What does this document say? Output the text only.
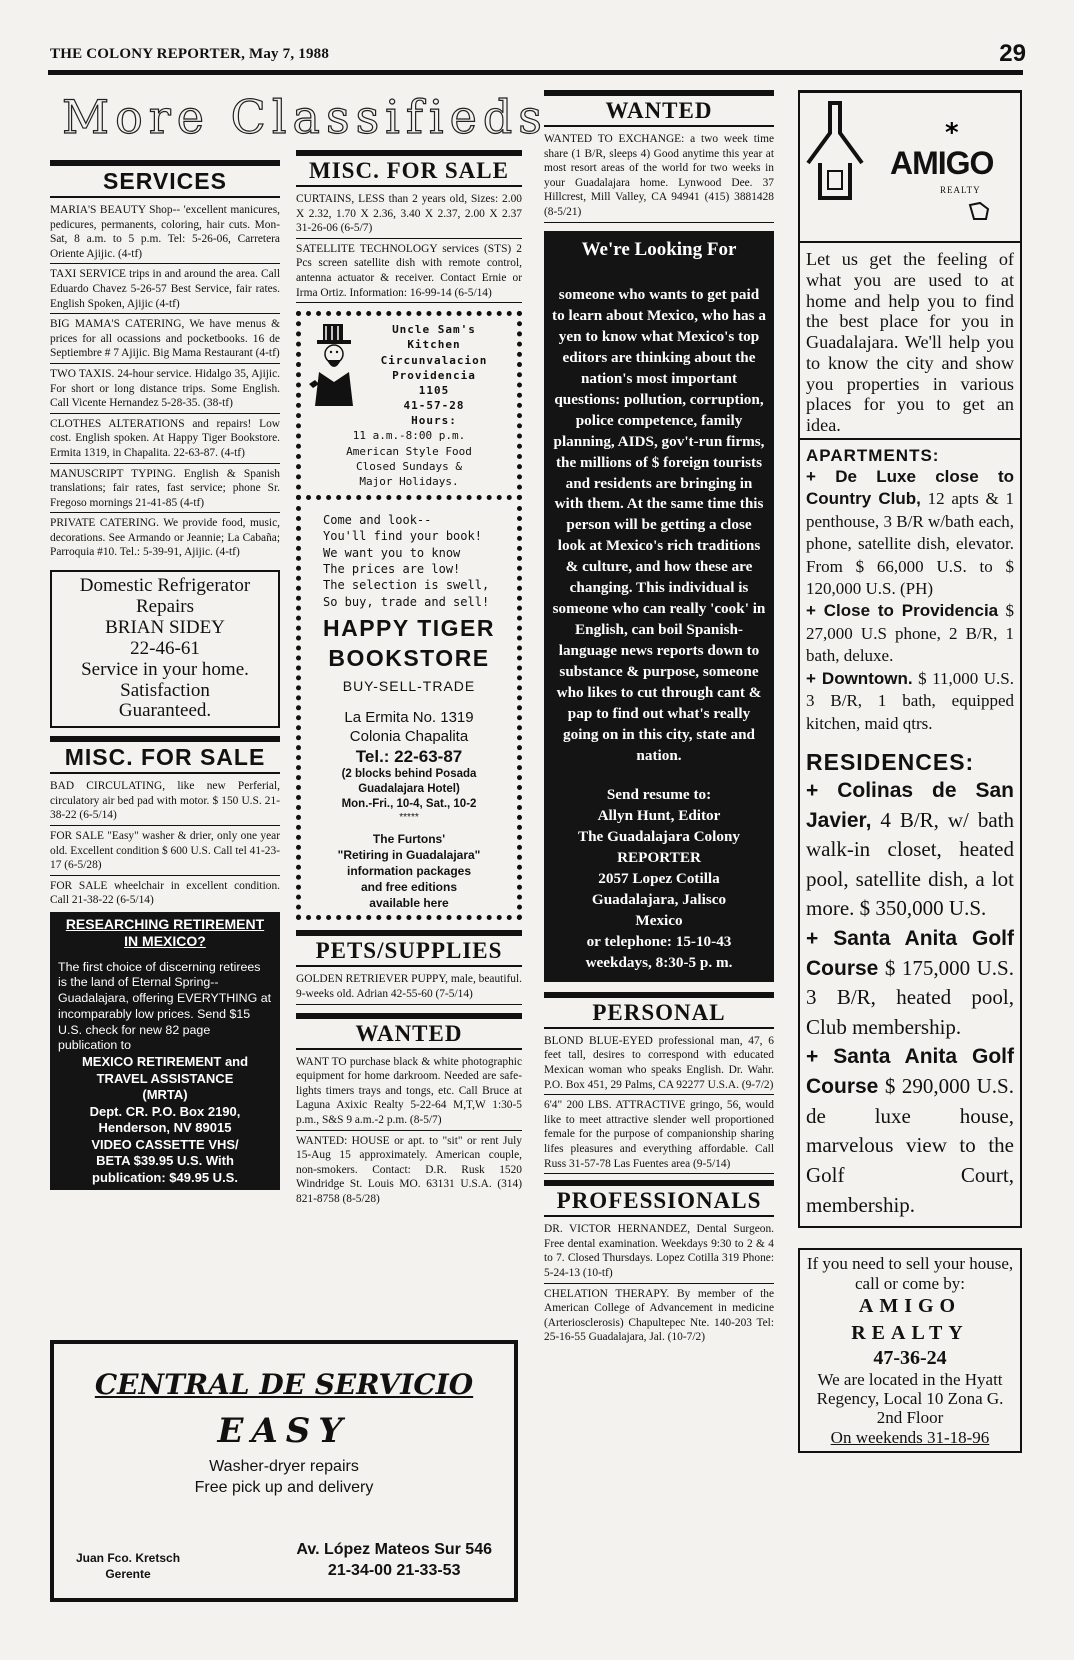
THE COLONY REPORTER, May 7, 1988	29
More Classifieds
SERVICES
MARIA'S BEAUTY Shop-- 'excellent manicures, pedicures, permanents, coloring, hair cuts. Mon-Sat, 8 a.m. to 5 p.m. Tel: 5-26-06, Carretera Oriente Ajijic. (4-tf)
TAXI SERVICE trips in and around the area. Call Eduardo Chavez 5-26-57 Best Service, fair rates. English Spoken, Ajijic (4-tf)
BIG MAMA'S CATERING, We have menus & prices for all ocassions and pocketbooks. 16 de Septiembre # 7 Ajijic. Big Mama Restaurant (4-tf)
TWO TAXIS. 24-hour service. Hidalgo 35, Ajijic. For short or long distance trips. Some English. Call Vicente Hernandez 5-28-35. (38-tf)
CLOTHES ALTERATIONS and repairs! Low cost. English spoken. At Happy Tiger Bookstore. Ermita 1319, in Chapalita. 22-63-87. (4-tf)
MANUSCRIPT TYPING. English & Spanish translations; fair rates, fast service; phone Sr. Fregoso mornings 21-41-85 (4-tf)
PRIVATE CATERING. We provide food, music, decorations. See Armando or Jeannie; La Cabaña; Parroquia #10. Tel.: 5-39-91, Ajijic. (4-tf)
Domestic Refrigerator
Repairs
BRIAN SIDEY
22-46-61
Service in your home.
Satisfaction
Guaranteed.
MISC. FOR SALE
BAD CIRCULATING, like new Perferial, circulatory air bed pad with motor. $ 150 U.S. 21-38-22 (6-5/14)
FOR SALE "Easy" washer & drier, only one year old. Excellent condition $ 600 U.S. Call tel 41-23-17 (6-5/28)
FOR SALE wheelchair in excellent condition. Call 21-38-22 (6-5/14)
RESEARCHING RETIREMENT IN MEXICO?
The first choice of discerning retirees is the land of Eternal Spring--Guadalajara, offering EVERYTHING at incomparably low prices. Send $15 U.S. check for new 82 page publication to
MEXICO RETIREMENT and
TRAVEL ASSISTANCE
(MRTA)
Dept. CR. P.O. Box 2190,
Henderson, NV 89015
VIDEO CASSETTE VHS/
BETA $39.95 U.S. With
publication: $49.95 U.S.
MISC. FOR SALE
CURTAINS, LESS than 2 years old, Sizes: 2.00 X 2.32, 1.70 X 2.36, 3.40 X 2.37, 2.00 X 2.37 31-26-06 (6-5/7)
SATELLITE TECHNOLOGY services (STS) 2 Pcs screen satellite dish with remote control, antenna actuator & receiver. Contact Ernie or Irma Ortiz. Information: 16-99-14 (6-5/14)
Uncle Sam's
Kitchen
Circunvalacion
Providencia
1105
41-57-28
Hours:
11 a.m.-8:00 p.m.
American Style Food
Closed Sundays &
Major Holidays.
Come and look--
You'll find your book!
We want you to know
The prices are low!
The selection is swell,
So buy, trade and sell!
HAPPY TIGER
BOOKSTORE
BUY-SELL-TRADE
La Ermita No. 1319
Colonia Chapalita
Tel.: 22-63-87
(2 blocks behind Posada
Guadalajara Hotel)
Mon.-Fri., 10-4, Sat., 10-2
*****
The Furtons'
"Retiring in Guadalajara"
information packages
and free editions
available here
PETS/SUPPLIES
GOLDEN RETRIEVER PUPPY, male, beautiful. 9-weeks old. Adrian 42-55-60 (7-5/14)
WANTED
WANT TO purchase black & white photographic equipment for home darkroom. Needed are safe-lights timers trays and tongs, etc. Call Bruce at Laguna Axixic Realty 5-22-64 M,T,W 1:30-5 p.m., S&S 9 a.m.-2 p.m. (8-5/7)
WANTED: HOUSE or apt. to "sit" or rent July 15-Aug 15 approximately. American couple, non-smokers. Contact: D.R. Rusk 1520 Windridge St. Louis MO. 63131 U.S.A. (314) 821-8758 (8-5/28)
CENTRAL DE SERVICIO
EASY
Washer-dryer repairs
Free pick up and delivery
Juan Fco. Kretsch
Gerente
Av. López Mateos Sur 546
21-34-00 21-33-53
WANTED
WANTED TO EXCHANGE: a two week time share (1 B/R, sleeps 4) Good anytime this year at most resort areas of the world for two weeks in your Guadalajara home. Lynwood Dee. 37 Hillcrest, Mill Valley, CA 94941 (415) 3881428 (8-5/21)
We're Looking For
someone who wants to get paid to learn about Mexico, who has a yen to know what Mexico's top editors are thinking about the nation's most important questions: pollution, corruption, police competence, family planning, AIDS, gov't-run firms, the millions of $ foreign tourists and residents are bringing in with them. At the same time this person will be getting a close look at Mexico's rich traditions & culture, and how these are changing. This individual is someone who can really 'cook' in English, can boil Spanish-language news reports down to substance & purpose, someone who likes to cut through cant & pap to find out what's really going on in this city, state and nation.
Send resume to:
Allyn Hunt, Editor
The Guadalajara Colony
REPORTER
2057 Lopez Cotilla
Guadalajara, Jalisco
Mexico
or telephone: 15-10-43
weekdays, 8:30-5 p. m.
PERSONAL
BLOND BLUE-EYED professional man, 47, 6 feet tall, desires to correspond with educated Mexican woman who speaks English. Dr. Wahr. P.O. Box 451, 29 Palms, CA 92277 U.S.A. (9-7/2)
6'4" 200 LBS. ATTRACTIVE gringo, 56, would like to meet attractive slender well proportioned female for the purpose of companionship sharing lifes pleasures and everything affordable. Call Russ 31-57-78 Las Fuentes area (9-5/14)
PROFESSIONALS
DR. VICTOR HERNANDEZ, Dental Surgeon. Free dental examination. Weekdays 9:30 to 2 & 4 to 7. Closed Thursdays. Lopez Cotilla 319 Phone: 5-24-13 (10-tf)
CHELATION THERAPY. By member of the American College of Advancement in medicine (Arteriosclerosis) Chapultepec Nte. 140-203 Tel: 25-16-55 Guadalajara, Jal. (10-7/2)
*
AMIGO
REALTY
Let us get the feeling of what you are used to at home and help you to find the best place for you in Guadalajara. We'll help you to know the city and show you properties in various places for you to get an idea.
APARTMENTS:
+ De Luxe close to Country Club, 12 apts & 1 penthouse, 3 B/R w/bath each, phone, satellite dish, elevator. From $ 66,000 U.S. to $ 120,000 U.S. (PH)
+ Close to Providencia $ 27,000 U.S phone, 2 B/R, 1 bath, deluxe.
+ Downtown. $ 11,000 U.S. 3 B/R, 1 bath, equipped kitchen, maid qtrs.
RESIDENCES:
+ Colinas de San Javier, 4 B/R, w/ bath walk-in closet, heated pool, satellite dish, a lot more. $ 350,000 U.S.
+ Santa Anita Golf Course $ 175,000 U.S. 3 B/R, heated pool, Club membership.
+ Santa Anita Golf Course $ 290,000 U.S. de luxe house, marvelous view to the Golf Court, membership.
If you need to sell your house, call or come by:
AMIGO
REALTY
47-36-24
We are located in the Hyatt Regency, Local 10 Zona G. 2nd Floor
On weekends 31-18-96
